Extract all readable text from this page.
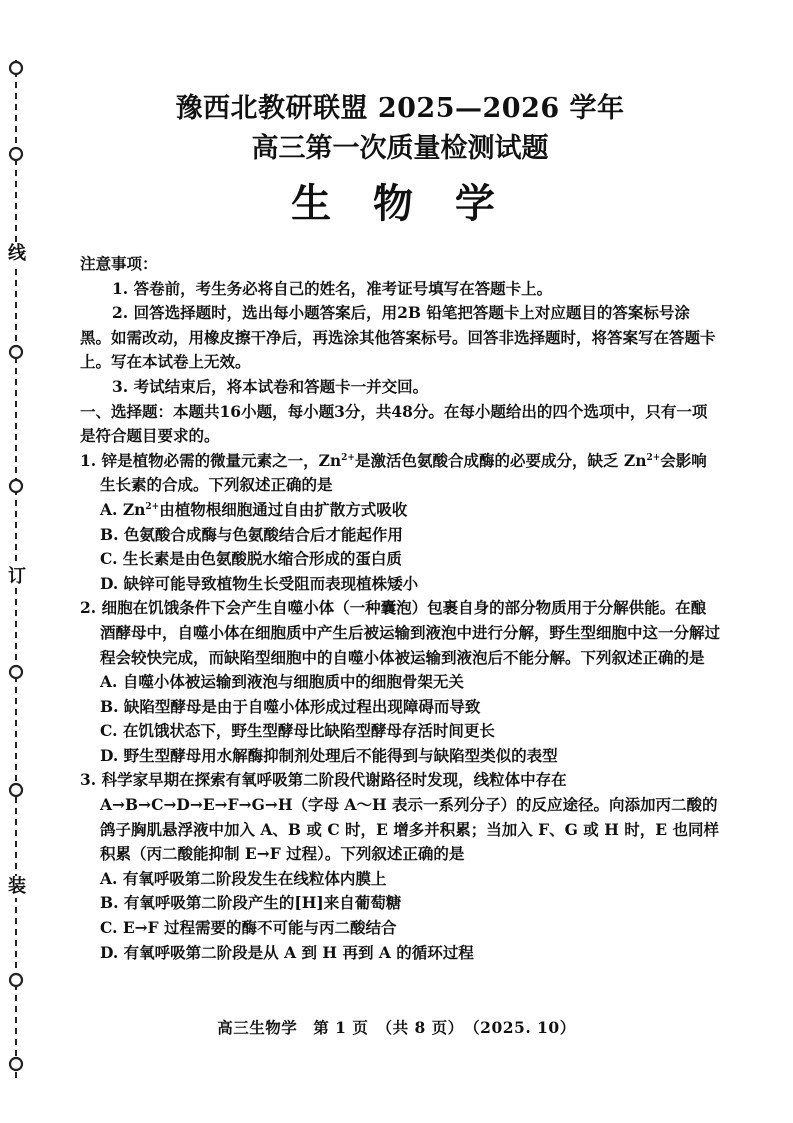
线
订
装
豫西北教研联盟 2025—2026 学年
高三第一次质量检测试题
生 物 学
注意事项：
1. 答卷前，考生务必将自己的姓名，准考证号填写在答题卡上。
2. 回答选择题时，选出每小题答案后，用2B 铅笔把答题卡上对应题目的答案标号涂黑。如需改动，用橡皮擦干净后，再选涂其他答案标号。回答非选择题时，将答案写在答题卡上。写在本试卷上无效。
3. 考试结束后，将本试卷和答题卡一并交回。
一、选择题：本题共16小题，每小题3分，共48分。在每小题给出的四个选项中，只有一项是符合题目要求的。
1. 锌是植物必需的微量元素之一，$Zn^{2+}$是激活色氨酸合成酶的必要成分，缺乏 $Zn^{2+}$会影响生长素的合成。下列叙述正确的是
A. $Zn^{2+}$由植物根细胞通过自由扩散方式吸收
B. 色氨酸合成酶与色氨酸结合后才能起作用
C. 生长素是由色氨酸脱水缩合形成的蛋白质
D. 缺锌可能导致植物生长受阻而表现植株矮小
2. 细胞在饥饿条件下会产生自噬小体（一种囊泡）包裹自身的部分物质用于分解供能。在酿酒酵母中，自噬小体在细胞质中产生后被运输到液泡中进行分解，野生型细胞中这一分解过程会较快完成，而缺陷型细胞中的自噬小体被运输到液泡后不能分解。下列叙述正确的是
A. 自噬小体被运输到液泡与细胞质中的细胞骨架无关
B. 缺陷型酵母是由于自噬小体形成过程出现障碍而导致
C. 在饥饿状态下，野生型酵母比缺陷型酵母存活时间更长
D. 野生型酵母用水解酶抑制剂处理后不能得到与缺陷型类似的表型
3. 科学家早期在探索有氧呼吸第二阶段代谢路径时发现，线粒体中存在 A→B→C→D→E→F→G→H（字母 A～H 表示一系列分子）的反应途径。向添加丙二酸的鸽子胸肌悬浮液中加入 A、B 或 C 时，E 增多并积累；当加入 F、G 或 H 时，E 也同样积累（丙二酸能抑制 E→F 过程）。下列叙述正确的是
A. 有氧呼吸第二阶段发生在线粒体内膜上
B. 有氧呼吸第二阶段产生的[H]来自葡萄糖
C. E→F 过程需要的酶不可能与丙二酸结合
D. 有氧呼吸第二阶段是从 A 到 H 再到 A 的循环过程
高三生物学　第 1 页　（共 8 页）　（2025. 10）
